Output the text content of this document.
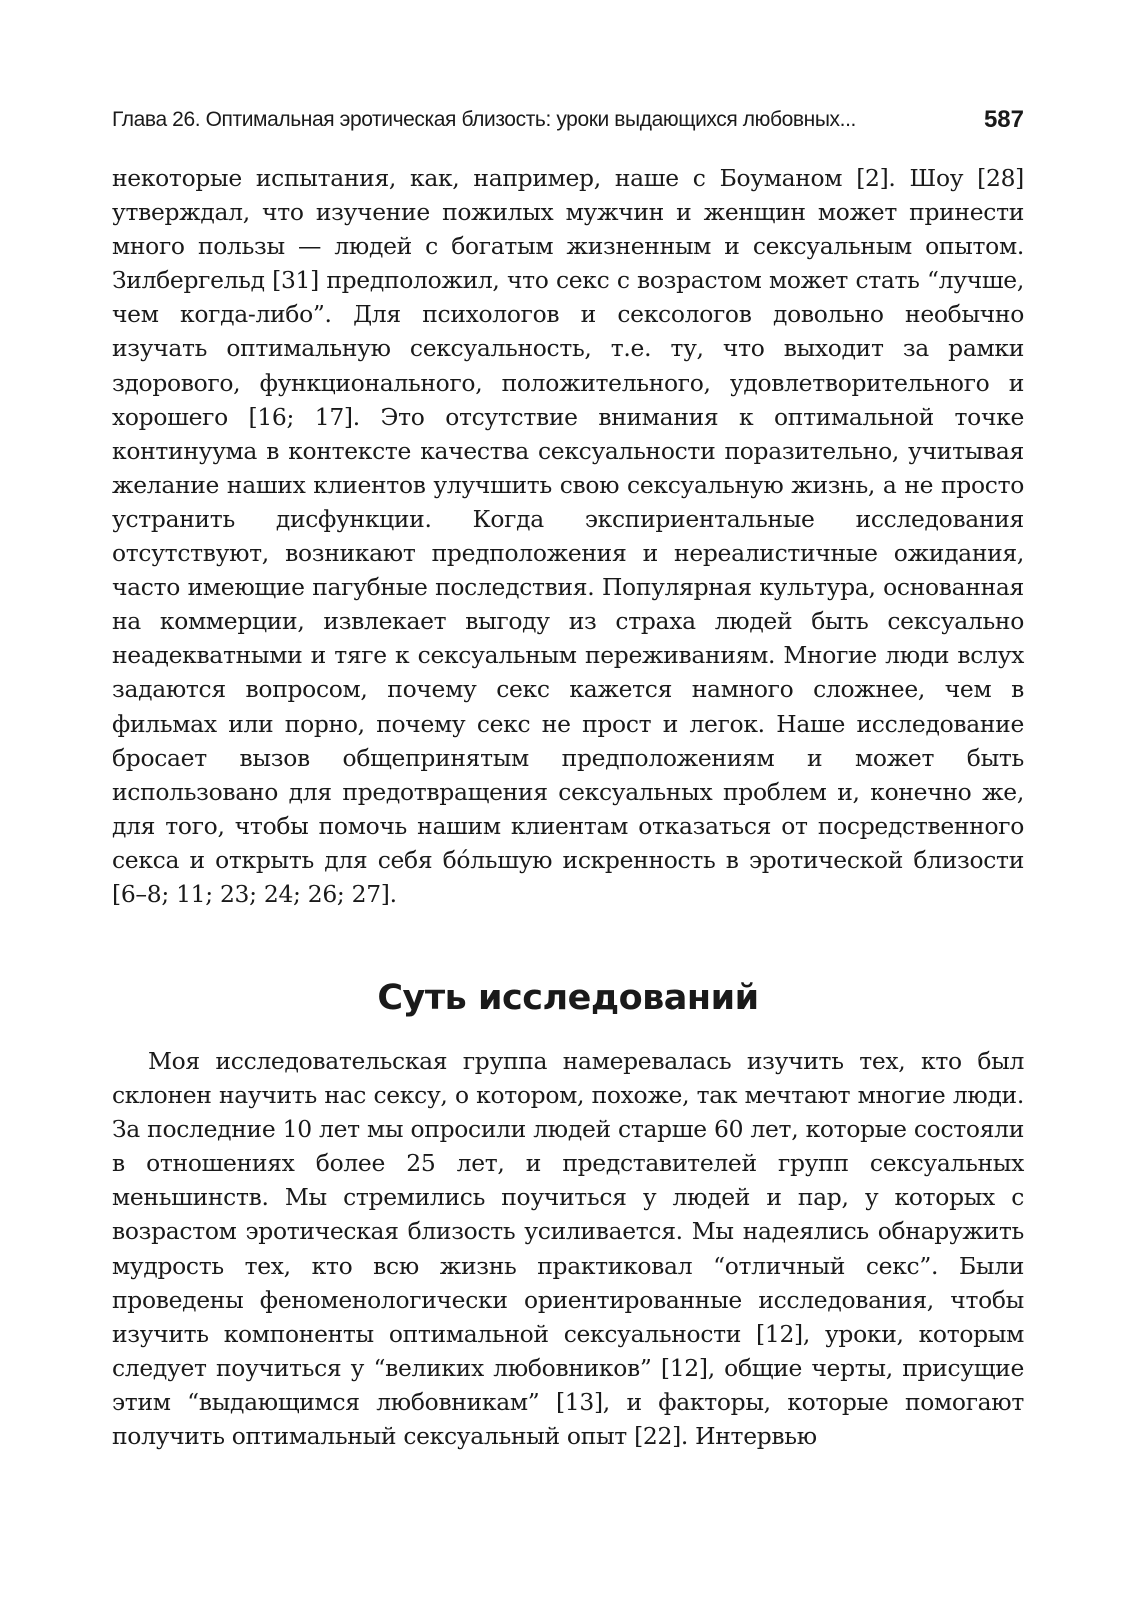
Глава 26. Оптимальная эротическая близость: уроки выдающихся любовных...	587

некоторые испытания, как, например, наше с Боуманом [2]. Шоу [28] утверждал, что изучение пожилых мужчин и женщин может принести много пользы — людей с богатым жизненным и сексуальным опытом. Зилбергельд [31] предположил, что секс с возрастом может стать “лучше, чем когда-либо”. Для психологов и сексологов довольно необычно изучать оптимальную сексуальность, т.е. ту, что выходит за рамки здорового, функционального, положительного, удовлетворительного и хорошего [16; 17]. Это отсутствие внимания к оптимальной точке континуума в контексте качества сексуальности поразительно, учитывая желание наших клиентов улучшить свою сексуальную жизнь, а не просто устранить дисфункции. Когда экспириентальные исследования отсутствуют, возникают предположения и нереалистичные ожидания, часто имеющие пагубные последствия. Популярная культура, основанная на коммерции, извлекает выгоду из страха людей быть сексуально неадекватными и тяге к сексуальным переживаниям. Многие люди вслух задаются вопросом, почему секс кажется намного сложнее, чем в фильмах или порно, почему секс не прост и легок. Наше исследование бросает вызов общепринятым предположениям и может быть использовано для предотвращения сексуальных проблем и, конечно же, для того, чтобы помочь нашим клиентам отказаться от посредственного секса и открыть для себя бо́льшую искренность в эротической близости [6–8; 11; 23; 24; 26; 27].

Суть исследований

Моя исследовательская группа намеревалась изучить тех, кто был склонен научить нас сексу, о котором, похоже, так мечтают многие люди. За последние 10 лет мы опросили людей старше 60 лет, которые состояли в отношениях более 25 лет, и представителей групп сексуальных меньшинств. Мы стремились поучиться у людей и пар, у которых с возрастом эротическая близость усиливается. Мы надеялись обнаружить мудрость тех, кто всю жизнь практиковал “отличный секс”. Были проведены феноменологически ориентированные исследования, чтобы изучить компоненты оптимальной сексуальности [12], уроки, которым следует поучиться у “великих любовников” [12], общие черты, присущие этим “выдающимся любовникам” [13], и факторы, которые помогают получить оптимальный сексуальный опыт [22]. Интервью
